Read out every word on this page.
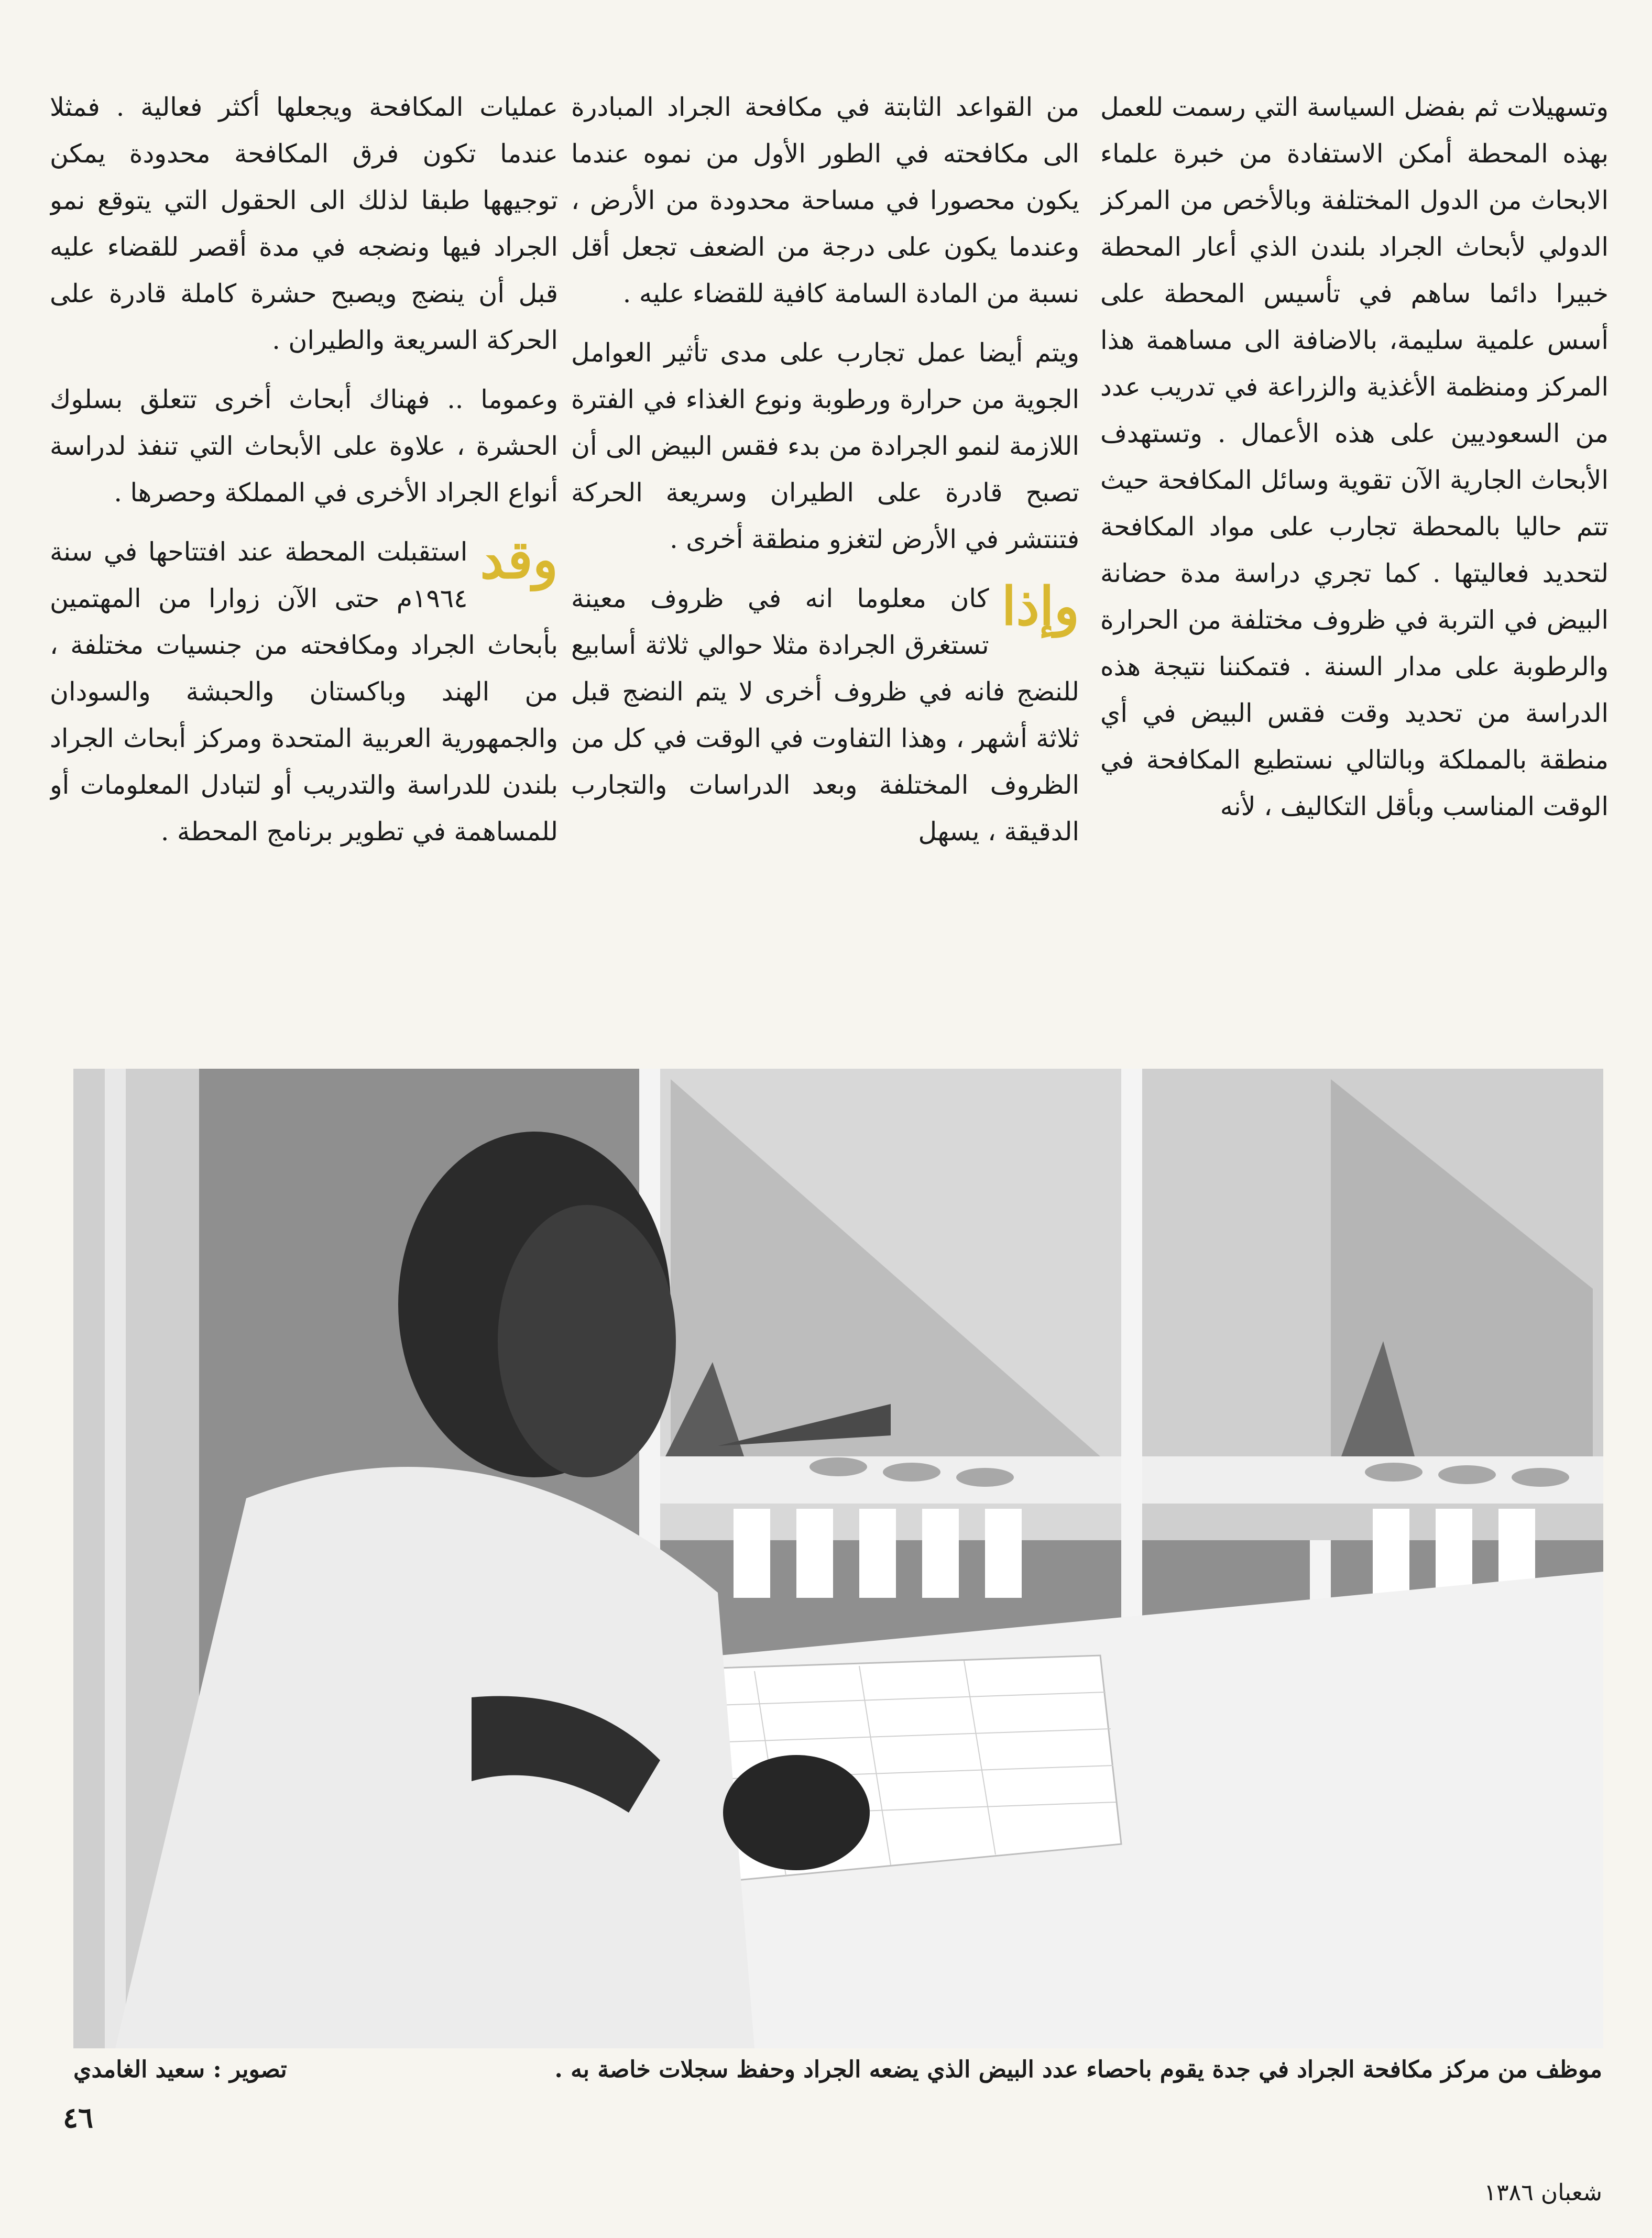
وتسهيلات ثم بفضل السياسة التي رسمت للعمل بهذه المحطة أمكن الاستفادة من خبرة علماء الابحاث من الدول المختلفة وبالأخص من المركز الدولي لأبحاث الجراد بلندن الذي أعار المحطة خبيرا دائما ساهم في تأسيس المحطة على أسس علمية سليمة، بالاضافة الى مساهمة هذا المركز ومنظمة الأغذية والزراعة في تدريب عدد من السعوديين على هذه الأعمال . وتستهدف الأبحاث الجارية الآن تقوية وسائل المكافحة حيث تتم حاليا بالمحطة تجارب على مواد المكافحة لتحديد فعاليتها . كما تجري دراسة مدة حضانة البيض في التربة في ظروف مختلفة من الحرارة والرطوبة على مدار السنة . فتمكننا نتيجة هذه الدراسة من تحديد وقت فقس البيض في أي منطقة بالمملكة وبالتالي نستطيع المكافحة في الوقت المناسب وبأقل التكاليف ، لأنه

من القواعد الثابتة في مكافحة الجراد المبادرة الى مكافحته في الطور الأول من نموه عندما يكون محصورا في مساحة محدودة من الأرض ، وعندما يكون على درجة من الضعف تجعل أقل نسبة من المادة السامة كافية للقضاء عليه .

ويتم أيضا عمل تجارب على مدى تأثير العوامل الجوية من حرارة ورطوبة ونوع الغذاء في الفترة اللازمة لنمو الجرادة من بدء فقس البيض الى أن تصبح قادرة على الطيران وسريعة الحركة فتنتشر في الأرض لتغزو منطقة أخرى .

وإذا
كان معلوما انه في ظروف معينة تستغرق الجرادة مثلا حوالي ثلاثة أسابيع للنضج فانه في ظروف أخرى لا يتم النضج قبل ثلاثة أشهر ، وهذا التفاوت في الوقت في كل من الظروف المختلفة وبعد الدراسات والتجارب الدقيقة ، يسهل

عمليات المكافحة ويجعلها أكثر فعالية . فمثلا عندما تكون فرق المكافحة محدودة يمكن توجيهها طبقا لذلك الى الحقول التي يتوقع نمو الجراد فيها ونضجه في مدة أقصر للقضاء عليه قبل أن ينضج ويصبح حشرة كاملة قادرة على الحركة السريعة والطيران .

وعموما .. فهناك أبحاث أخرى تتعلق بسلوك الحشرة ، علاوة على الأبحاث التي تنفذ لدراسة أنواع الجراد الأخرى في المملكة وحصرها .

وقد
استقبلت المحطة عند افتتاحها في سنة ١٩٦٤م حتى الآن زوارا من المهتمين بأبحاث الجراد ومكافحته من جنسيات مختلفة ، من الهند وباكستان والحبشة والسودان والجمهورية العربية المتحدة ومركز أبحاث الجراد بلندن للدراسة والتدريب أو لتبادل المعلومات أو للمساهمة في تطوير برنامج المحطة .

موظف من مركز مكافحة الجراد في جدة يقوم باحصاء عدد البيض الذي يضعه الجراد وحفظ سجلات خاصة به .
تصوير : سعيد الغامدي
٤٦
شعبان ١٣٨٦
